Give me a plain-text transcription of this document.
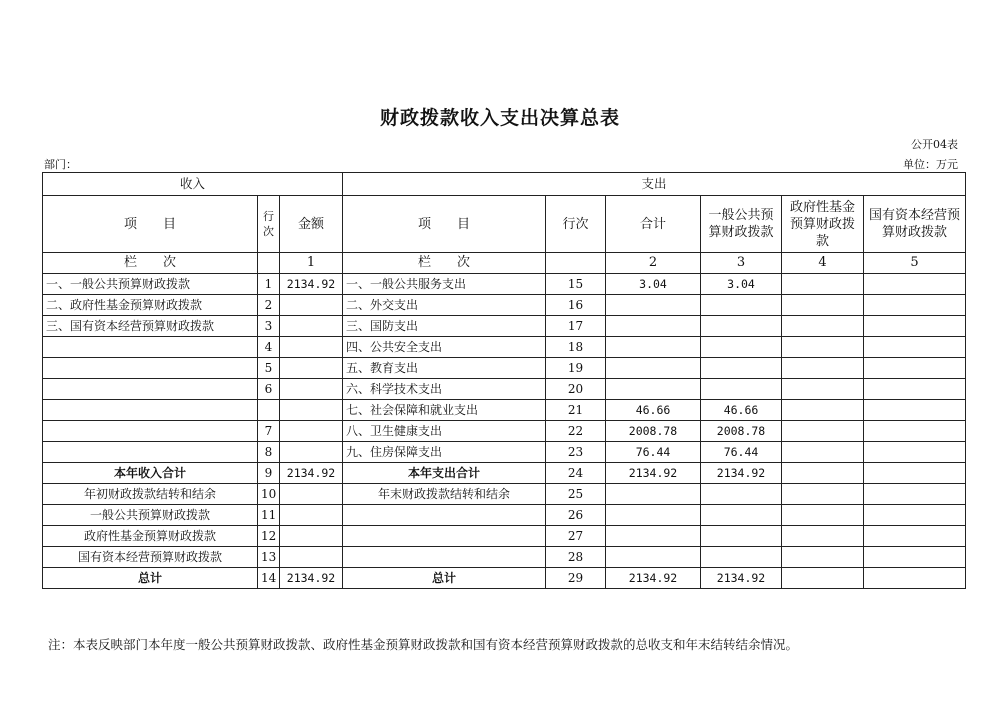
财政拨款收入支出决算总表
公开04表
部门：	单位：万元
收入			支出					
项　　目	行次	金额	项　　目	行次	合计	一般公共预算财政拨款	政府性基金预算财政拨款	国有资本经营预算财政拨款
栏　　次		1	栏　　次		2	3	4	5
一、一般公共预算财政拨款	1	2134.92	一、一般公共服务支出	15	3.04	3.04		
二、政府性基金预算财政拨款	2		二、外交支出	16				
三、国有资本经营预算财政拨款	3		三、国防支出	17				
	4		四、公共安全支出	18				
	5		五、教育支出	19				
	6		六、科学技术支出	20				
			七、社会保障和就业支出	21	46.66	46.66		
	7		八、卫生健康支出	22	2008.78	2008.78		
	8		九、住房保障支出	23	76.44	76.44		
本年收入合计	9	2134.92	本年支出合计	24	2134.92	2134.92		
年初财政拨款结转和结余	10		年末财政拨款结转和结余	25				
一般公共预算财政拨款	11			26				
政府性基金预算财政拨款	12			27				
国有资本经营预算财政拨款	13			28				
总计	14	2134.92	总计	29	2134.92	2134.92		
注：本表反映部门本年度一般公共预算财政拨款、政府性基金预算财政拨款和国有资本经营预算财政拨款的总收支和年末结转结余情况。
